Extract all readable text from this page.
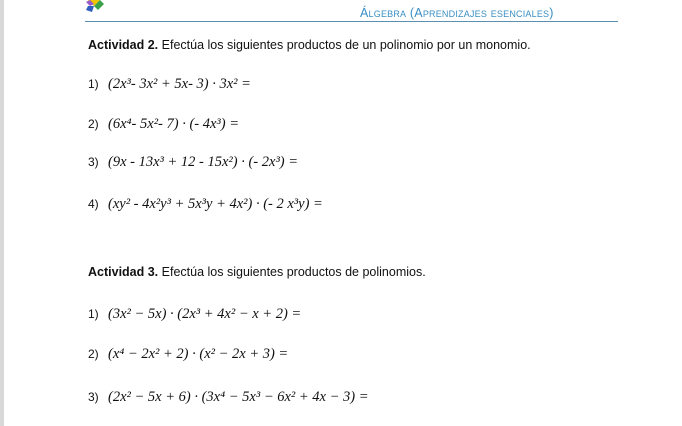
Álgebra (Aprendizajes esenciales)
Actividad 2. Efectúa los siguientes productos de un polinomio por un monomio.
1) (2x³- 3x² + 5x- 3) · 3x² =
2) (6x⁴- 5x²- 7) · (- 4x³) =
3) (9x - 13x³ + 12 - 15x²) · (- 2x³) =
4) (xy² - 4x²y³ + 5x³y + 4x²) · (- 2 x³y) =
Actividad 3. Efectúa los siguientes productos de polinomios.
1) (3x² − 5x) · (2x³ + 4x² − x + 2) =
2) (x⁴ − 2x² + 2) · (x² − 2x + 3) =
3) (2x² − 5x + 6) · (3x⁴ − 5x³ − 6x² + 4x − 3) =
